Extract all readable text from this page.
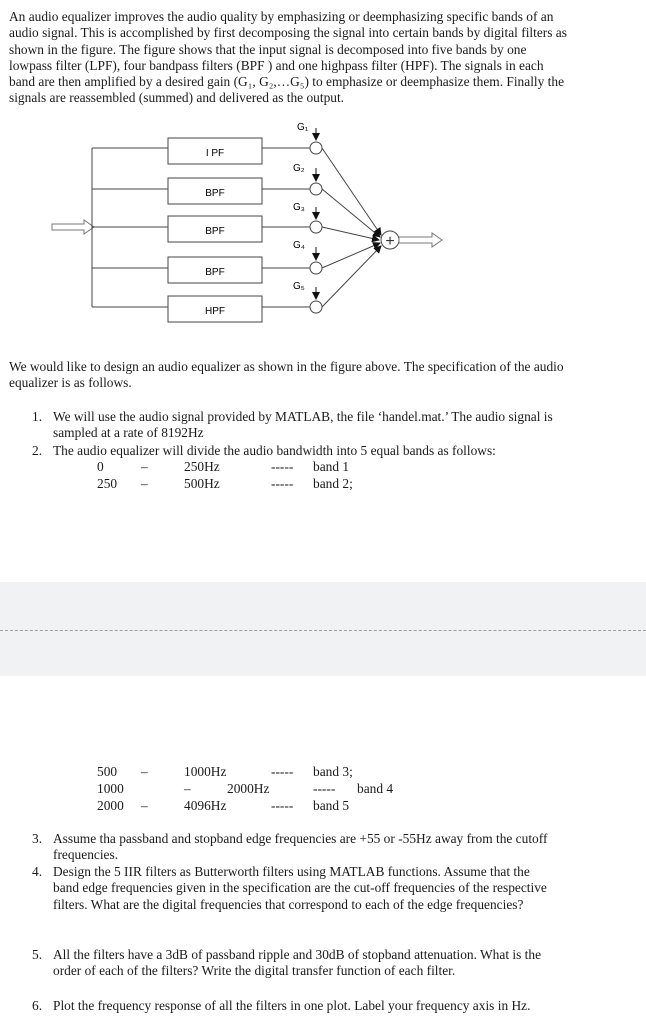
An audio equalizer improves the audio quality by emphasizing or deemphasizing specific bands of an audio signal. This is accomplished by first decomposing the signal into certain bands by digital filters as shown in the figure. The figure shows that the input signal is decomposed into five bands by one lowpass filter (LPF), four bandpass filters (BPF ) and one highpass filter (HPF). The signals in each band are then amplified by a desired gain (G₁, G₂,…G₅) to emphasize or deemphasize them. Finally the signals are reassembled (summed) and delivered as the output.

I PF
BPF
BPF
BPF
HPF
G₁
G₂
G₃
G₄
G₅
+

We would like to design an audio equalizer as shown in the figure above. The specification of the audio equalizer is as follows.

1. We will use the audio signal provided by MATLAB, the file ‘handel.mat.’ The audio signal is sampled at a rate of 8192Hz
2. The audio equalizer will divide the audio bandwidth into 5 equal bands as follows:
0	–	250Hz	----- band 1
250 –	500Hz	----- band 2;
500 –	1000Hz	----- band 3;
1000	–	2000Hz	----- band 4
2000 –	4096Hz	----- band 5
3. Assume tha passband and stopband edge frequencies are +55 or -55Hz away from the cutoff frequencies.
4. Design the 5 IIR filters as Butterworth filters using MATLAB functions. Assume that the band edge frequencies given in the specification are the cut-off frequencies of the respective filters. What are the digital frequencies that correspond to each of the edge frequencies?
5. All the filters have a 3dB of passband ripple and 30dB of stopband attenuation. What is the order of each of the filters? Write the digital transfer function of each filter.
6. Plot the frequency response of all the filters in one plot. Label your frequency axis in Hz.
